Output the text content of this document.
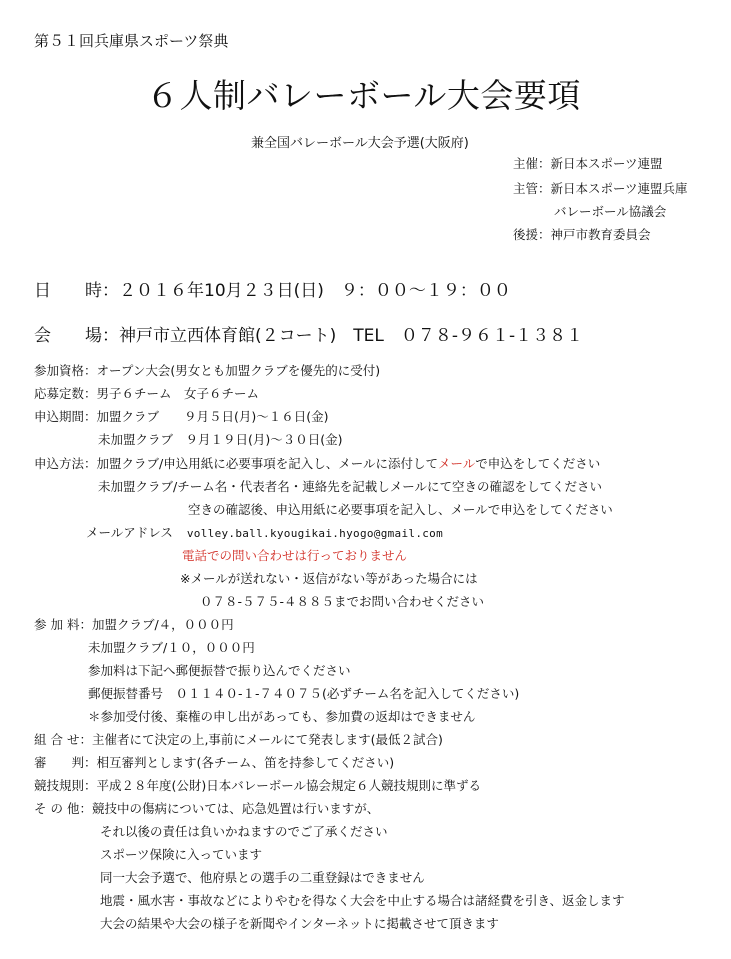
第５１回兵庫県スポーツ祭典
６人制バレーボール大会要項
兼全国バレーボール大会予選(大阪府)
主催：新日本スポーツ連盟
主管：新日本スポーツ連盟兵庫
バレーボール協議会
後援：神戸市教育委員会
日　　時：２０１６年10月２３日(日)　９：００～１９：００
会　　場：神戸市立西体育館(２コート)　TEL　０７８-９６１-１３８１
参加資格：オープン大会(男女とも加盟クラブを優先的に受付)
応募定数：男子６チーム　女子６チーム
申込期間：加盟クラブ　　９月５日(月)～１６日(金)
未加盟クラブ　９月１９日(月)～３０日(金)
申込方法：加盟クラブ/申込用紙に必要事項を記入し、メールに添付してメールで申込をしてください
未加盟クラブ/チーム名・代表者名・連絡先を記載しメールにて空きの確認をしてください
空きの確認後、申込用紙に必要事項を記入し、メールで申込をしてください
メールアドレス volley.ball.kyougikai.hyogo@gmail.com
電話での問い合わせは行っておりません
※メールが送れない・返信がない等があった場合には
０７８-５７５-４８８５までお問い合わせください
参 加 料：加盟クラブ/４，０００円
未加盟クラブ/１０，０００円
参加料は下記へ郵便振替で振り込んでください
郵便振替番号　０１１４０-１-７４０７５(必ずチーム名を記入してください)
＊参加受付後、棄権の申し出があっても、参加費の返却はできません
組 合 せ：主催者にて決定の上,事前にメールにて発表します(最低２試合)
審　　判：相互審判とします(各チーム、笛を持参してください)
競技規則：平成２８年度(公財)日本バレーボール協会規定６人競技規則に準ずる
そ の 他：競技中の傷病については、応急処置は行いますが、
それ以後の責任は負いかねますのでご了承ください
スポーツ保険に入っています
同一大会予選で、他府県との選手の二重登録はできません
地震・風水害・事故などによりやむを得なく大会を中止する場合は諸経費を引き、返金します
大会の結果や大会の様子を新聞やインターネットに掲載させて頂きます
